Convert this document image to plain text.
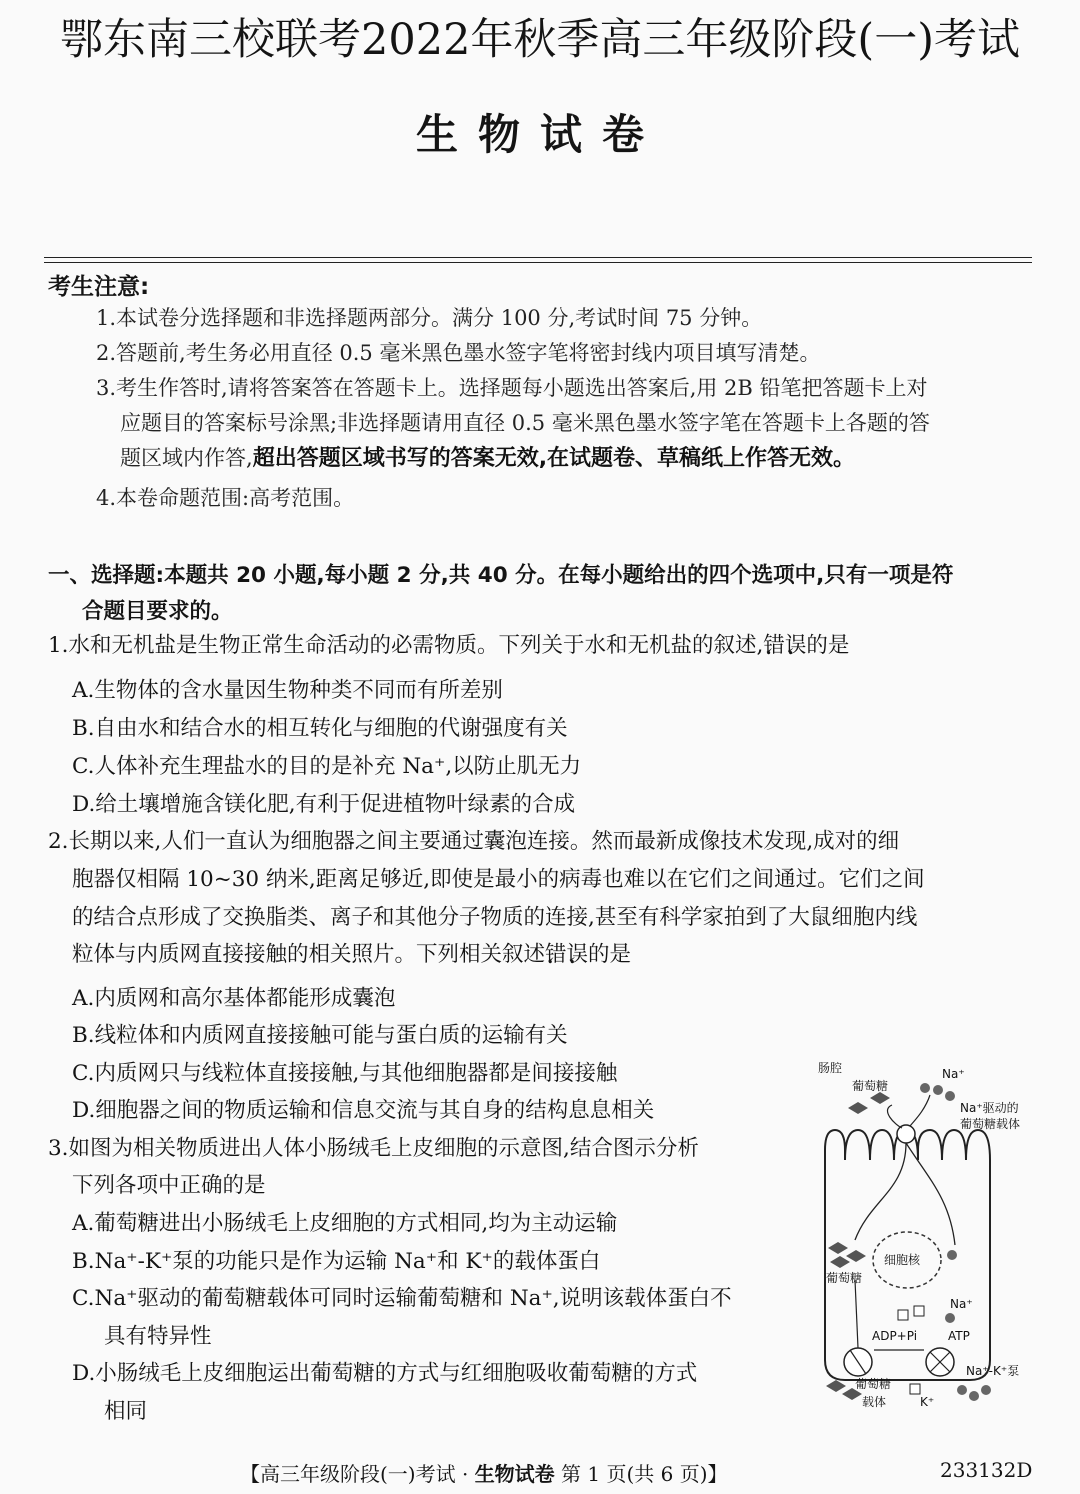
鄂东南三校联考2022年秋季高三年级阶段(一)考试
生物试卷
考生注意:
1.本试卷分选择题和非选择题两部分。满分 100 分,考试时间 75 分钟。
2.答题前,考生务必用直径 0.5 毫米黑色墨水签字笔将密封线内项目填写清楚。
3.考生作答时,请将答案答在答题卡上。选择题每小题选出答案后,用 2B 铅笔把答题卡上对
应题目的答案标号涂黑;非选择题请用直径 0.5 毫米黑色墨水签字笔在答题卡上各题的答
题区域内作答,超出答题区域书写的答案无效,在试题卷、草稿纸上作答无效。
4.本卷命题范围:高考范围。
一、选择题:本题共 20 小题,每小题 2 分,共 40 分。在每小题给出的四个选项中,只有一项是符
合题目要求的。
1.水和无机盐是生物正常生命活动的必需物质。下列关于水和无机盐的叙述,错误 • •的是
A.生物体的含水量因生物种类不同而有所差别
B.自由水和结合水的相互转化与细胞的代谢强度有关
C.人体补充生理盐水的目的是补充 Na⁺,以防止肌无力
D.给土壤增施含镁化肥,有利于促进植物叶绿素的合成
2.长期以来,人们一直认为细胞器之间主要通过囊泡连接。然而最新成像技术发现,成对的细
胞器仅相隔 10~30 纳米,距离足够近,即使是最小的病毒也难以在它们之间通过。它们之间
的结合点形成了交换脂类、离子和其他分子物质的连接,甚至有科学家拍到了大鼠细胞内线
粒体与内质网直接接触的相关照片。下列相关叙述错误 • •的是
A.内质网和高尔基体都能形成囊泡
B.线粒体和内质网直接接触可能与蛋白质的运输有关
C.内质网只与线粒体直接接触,与其他细胞器都是间接接触
D.细胞器之间的物质运输和信息交流与其自身的结构息息相关
3.如图为相关物质进出人体小肠绒毛上皮细胞的示意图,结合图示分析
下列各项中正确的是
A.葡萄糖进出小肠绒毛上皮细胞的方式相同,均为主动运输
B.Na⁺-K⁺泵的功能只是作为运输 Na⁺和 K⁺的载体蛋白
C.Na⁺驱动的葡萄糖载体可同时运输葡萄糖和 Na⁺,说明该载体蛋白不
具有特异性
D.小肠绒毛上皮细胞运出葡萄糖的方式与红细胞吸收葡萄糖的方式
相同
细胞核
肠腔
葡萄糖
Na⁺
Na⁺驱动的
葡萄糖载体
葡萄糖
ADP+Pi	ATP
Na⁺
葡萄糖
载体	K⁺
Na⁺-K⁺泵
【高三年级阶段(一)考试 · 生物试卷 第 1 页(共 6 页)】	233132D
